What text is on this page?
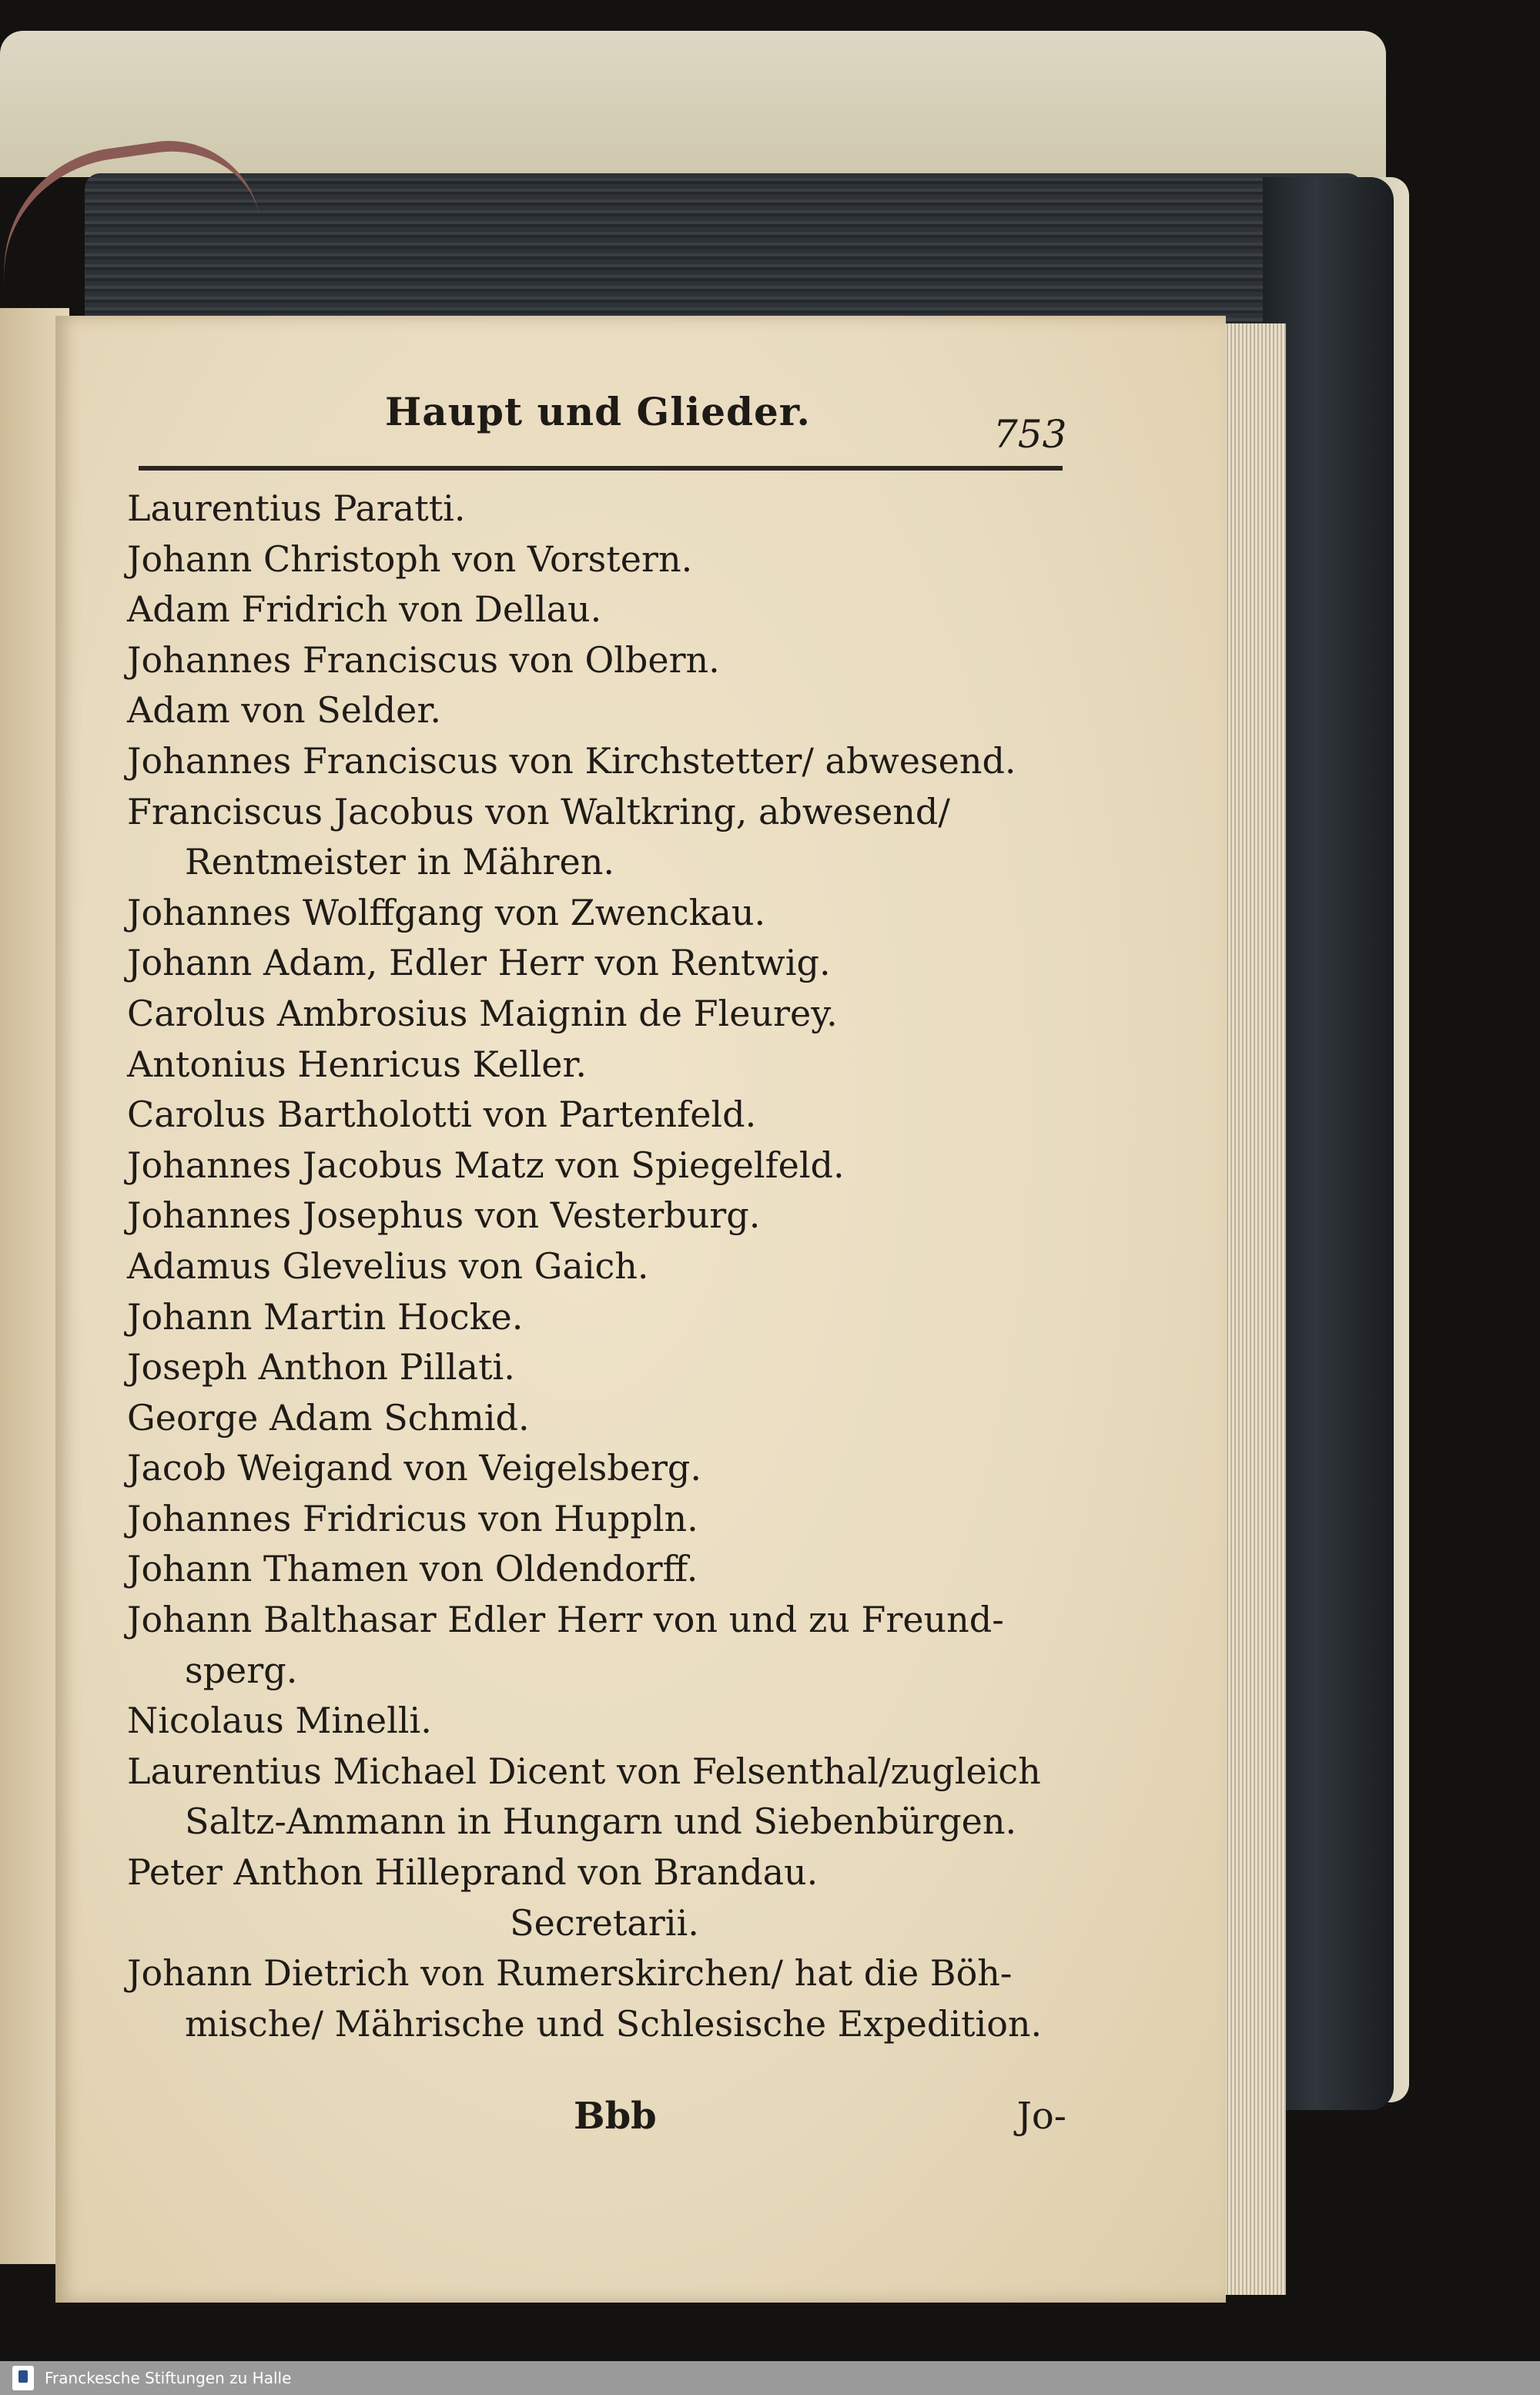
Haupt und Glieder.	753
Laurentius Paratti.
Johann Christoph von Vorstern.
Adam Fridrich von Dellau.
Johannes Franciscus von Olbern.
Adam von Selder.
Johannes Franciscus von Kirchstetter/ abwesend.
Franciscus Jacobus von Waltkring, abwesend/
Rentmeister in Mähren.
Johannes Wolffgang von Zwenckau.
Johann Adam, Edler Herr von Rentwig.
Carolus Ambrosius Maignin de Fleurey.
Antonius Henricus Keller.
Carolus Bartholotti von Partenfeld.
Johannes Jacobus Matz von Spiegelfeld.
Johannes Josephus von Vesterburg.
Adamus Glevelius von Gaich.
Johann Martin Hocke.
Joseph Anthon Pillati.
George Adam Schmid.
Jacob Weigand von Veigelsberg.
Johannes Fridricus von Huppln.
Johann Thamen von Oldendorff.
Johann Balthasar Edler Herr von und zu Freund-
sperg.
Nicolaus Minelli.
Laurentius Michael Dicent von Felsenthal/zugleich
Saltz-Ammann in Hungarn und Siebenbürgen.
Peter Anthon Hilleprand von Brandau.
Secretarii.
Johann Dietrich von Rumerskirchen/ hat die Böh-
mische/ Mährische und Schlesische Expedition.
Bbb	Jo-
Franckesche Stiftungen zu Halle
